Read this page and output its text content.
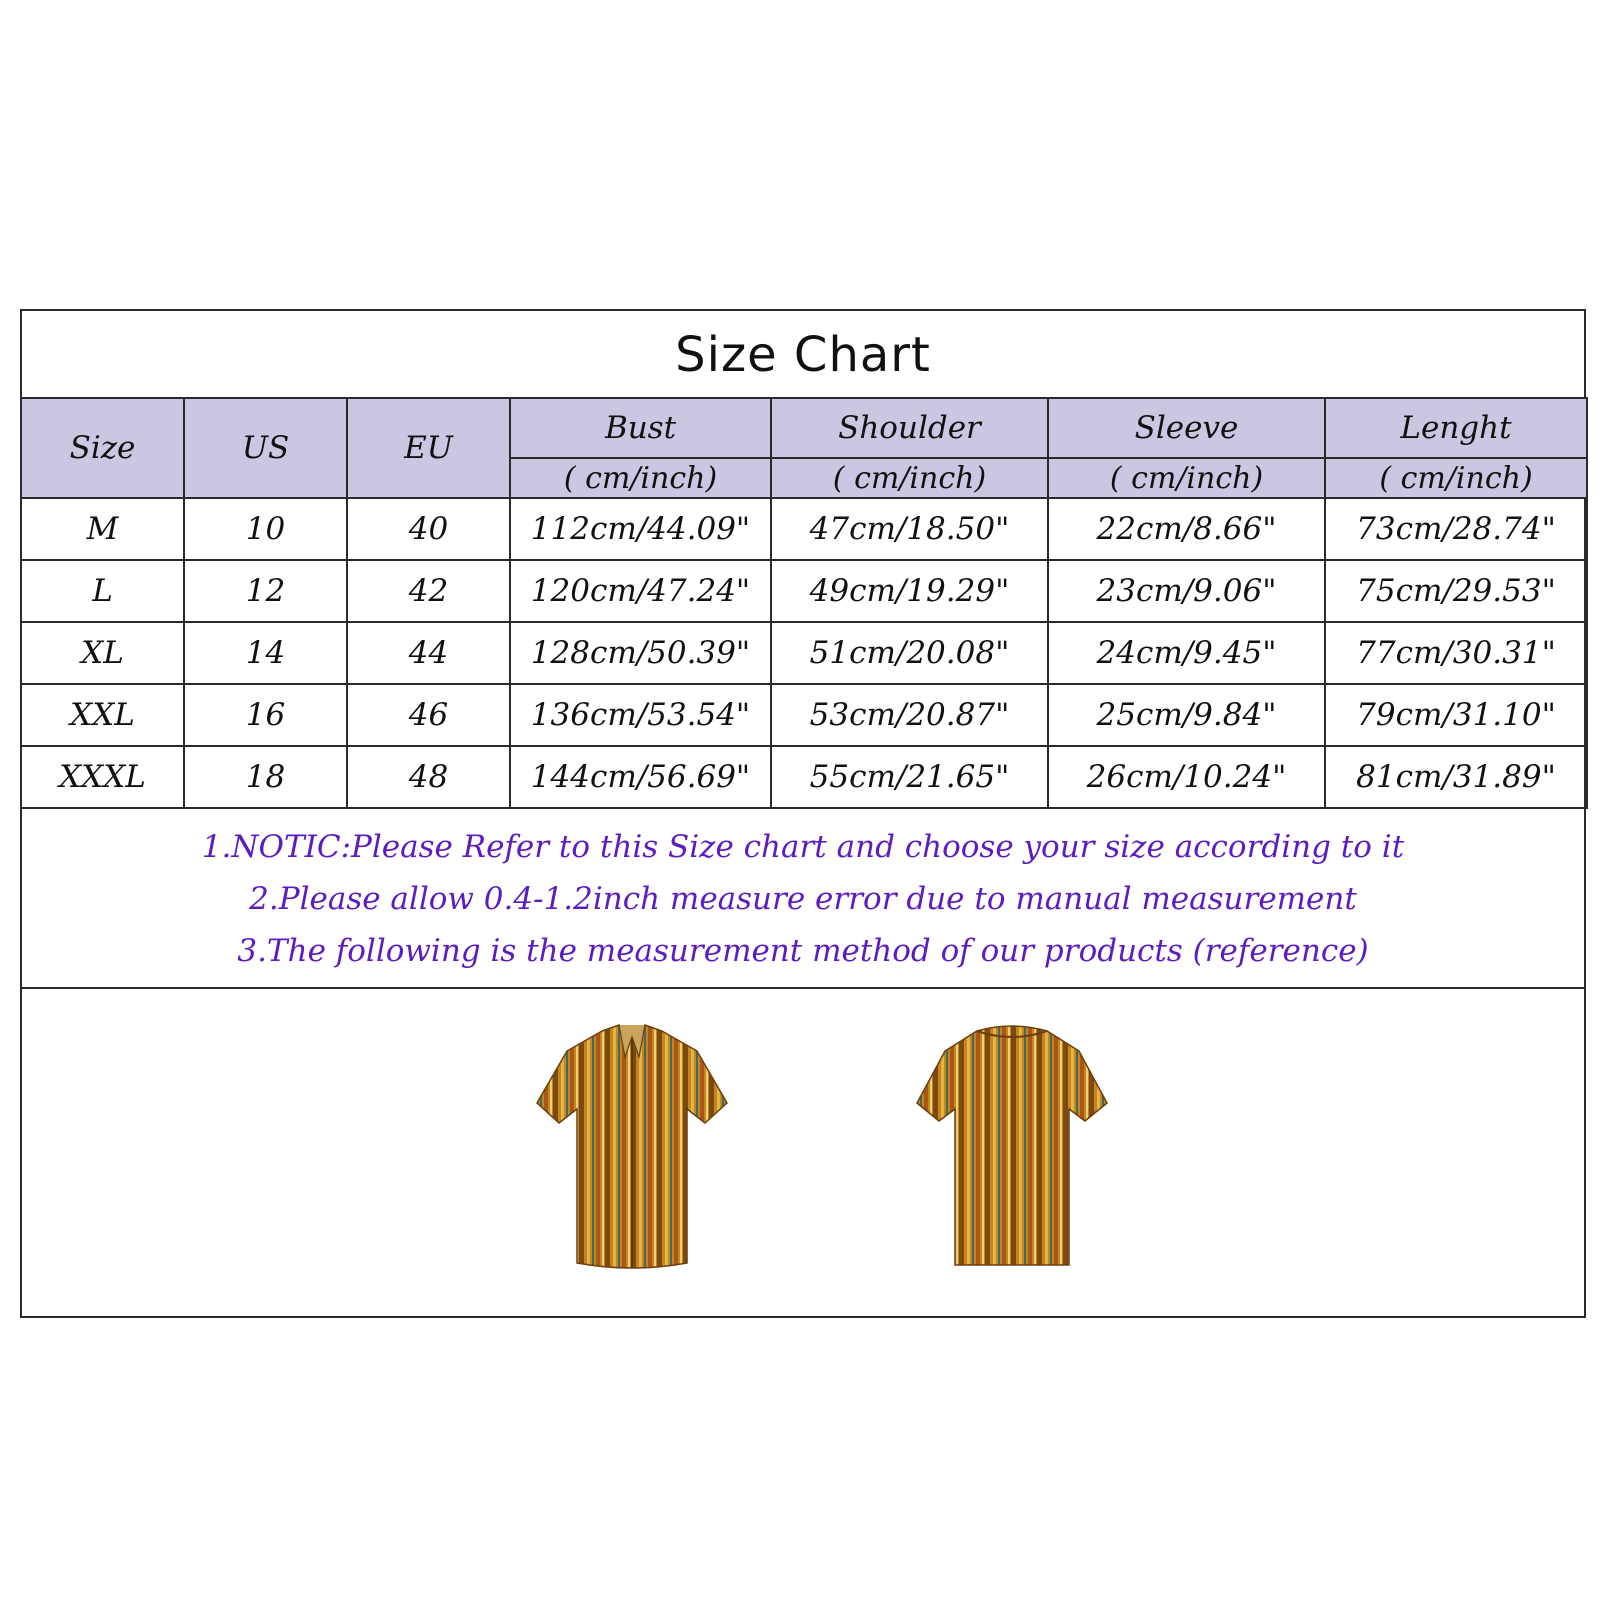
Size Chart
Size	US	EU	Bust	Shoulder	Sleeve	Lenght
			( cm/inch)	( cm/inch)	( cm/inch)	( cm/inch)
M	10	40	112cm/44.09"	47cm/18.50"	22cm/8.66"	73cm/28.74"
L	12	42	120cm/47.24"	49cm/19.29"	23cm/9.06"	75cm/29.53"
XL	14	44	128cm/50.39"	51cm/20.08"	24cm/9.45"	77cm/30.31"
XXL	16	46	136cm/53.54"	53cm/20.87"	25cm/9.84"	79cm/31.10"
XXXL	18	48	144cm/56.69"	55cm/21.65"	26cm/10.24"	81cm/31.89"
1.NOTIC:Please Refer to this Size chart and choose your size according to it
2.Please allow 0.4-1.2inch measure error due to manual measurement
3.The following is the measurement method of our products (reference)
